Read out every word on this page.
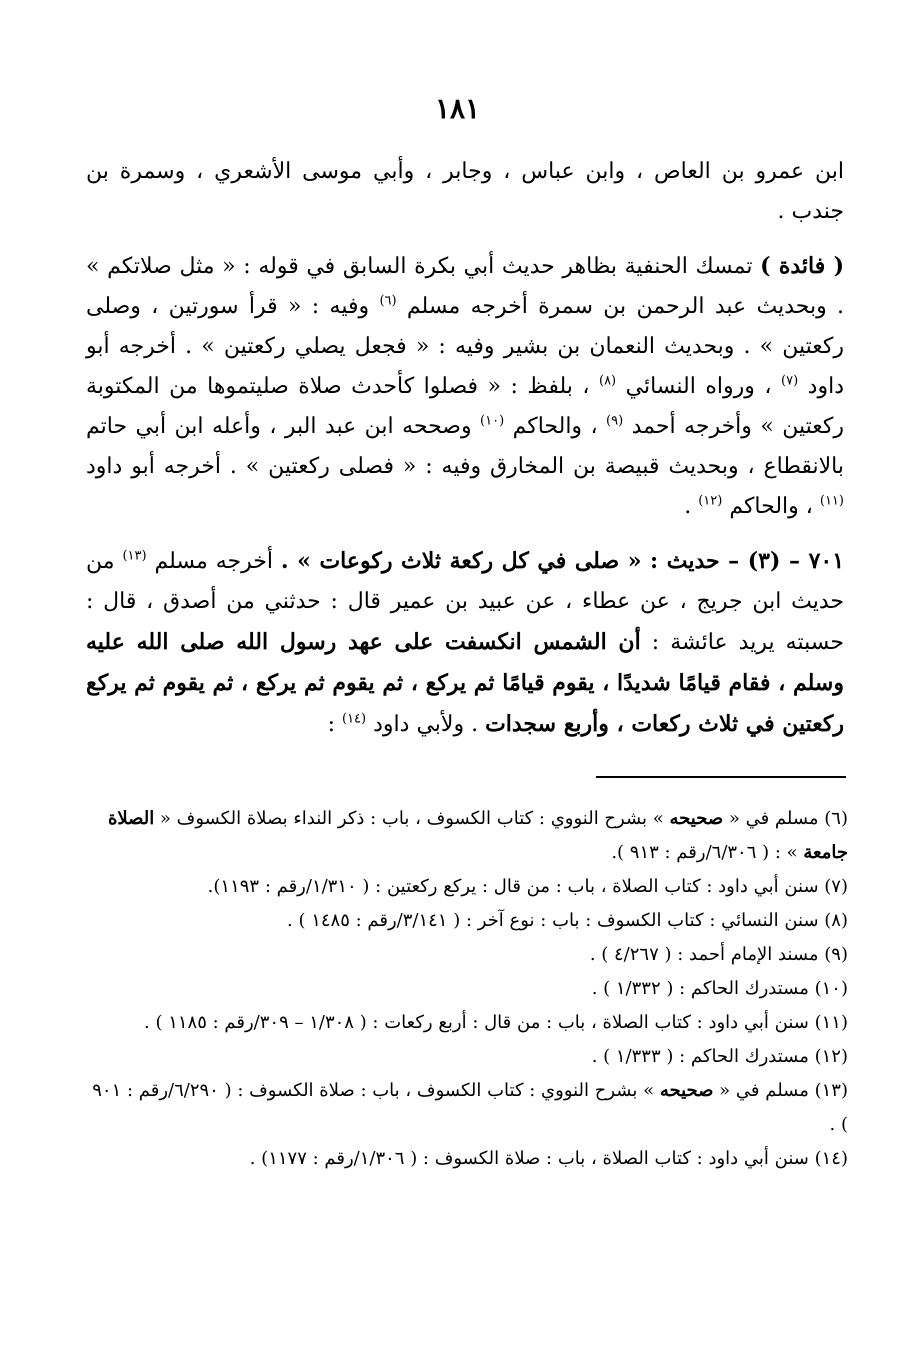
١٨١

ابن عمرو بن العاص ، وابن عباس ، وجابر ، وأبي موسى الأشعري ، وسمرة بن جندب .

( فائدة ) تمسك الحنفية بظاهر حديث أبي بكرة السابق في قوله : « مثل صلاتكم » . وبحديث عبد الرحمن بن سمرة أخرجه مسلم $^{(٦)}$ وفيه : « قرأ سورتين ، وصلى ركعتين » . وبحديث النعمان بن بشير وفيه : « فجعل يصلي ركعتين » . أخرجه أبو داود $^{(٧)}$ ، ورواه النسائي $^{(٨)}$ ، بلفظ : « فصلوا كأحدث صلاة صليتموها من المكتوبة ركعتين » وأخرجه أحمد $^{(٩)}$ ، والحاكم $^{(١٠)}$ وصححه ابن عبد البر ، وأعله ابن أبي حاتم بالانقطاع ، وبحديث قبيصة بن المخارق وفيه : « فصلى ركعتين » . أخرجه أبو داود $^{(١١)}$ ، والحاكم $^{(١٢)}$ .

٧٠١ – (٣) – حديث : « صلى في كل ركعة ثلاث ركوعات » . أخرجه مسلم $^{(١٣)}$ من حديث ابن جريج ، عن عطاء ، عن عبيد بن عمير قال : حدثني من أصدق ، قال : حسبته يريد عائشة : أن الشمس انكسفت على عهد رسول الله صلى الله عليه وسلم ، فقام قيامًا شديدًا ، يقوم قيامًا ثم يركع ، ثم يقوم ثم يركع ، ثم يقوم ثم يركع ركعتين في ثلاث ركعات ، وأربع سجدات . ولأبي داود $^{(١٤)}$ :

(٦) مسلم في « صحيحه » بشرح النووي : كتاب الكسوف ، باب : ذكر النداء بصلاة الكسوف « الصلاة جامعة » : ( ٦/٣٠٦/رقم : ٩١٣ ).

(٧) سنن أبي داود : كتاب الصلاة ، باب : من قال : يركع ركعتين : ( ١/٣١٠/رقم : ١١٩٣).

(٨) سنن النسائي : كتاب الكسوف : باب : نوع آخر : ( ٣/١٤١/رقم : ١٤٨٥ ) .

(٩) مسند الإمام أحمد : ( ٤/٢٦٧ ) .

(١٠) مستدرك الحاكم : ( ١/٣٣٢ ) .

(١١) سنن أبي داود : كتاب الصلاة ، باب : من قال : أربع ركعات : ( ١/٣٠٨ – ٣٠٩/رقم : ١١٨٥ ) .

(١٢) مستدرك الحاكم : ( ١/٣٣٣ ) .

(١٣) مسلم في « صحيحه » بشرح النووي : كتاب الكسوف ، باب : صلاة الكسوف : ( ٦/٢٩٠/رقم : ٩٠١ ) .

(١٤) سنن أبي داود : كتاب الصلاة ، باب : صلاة الكسوف : ( ١/٣٠٦/رقم : ١١٧٧) .
